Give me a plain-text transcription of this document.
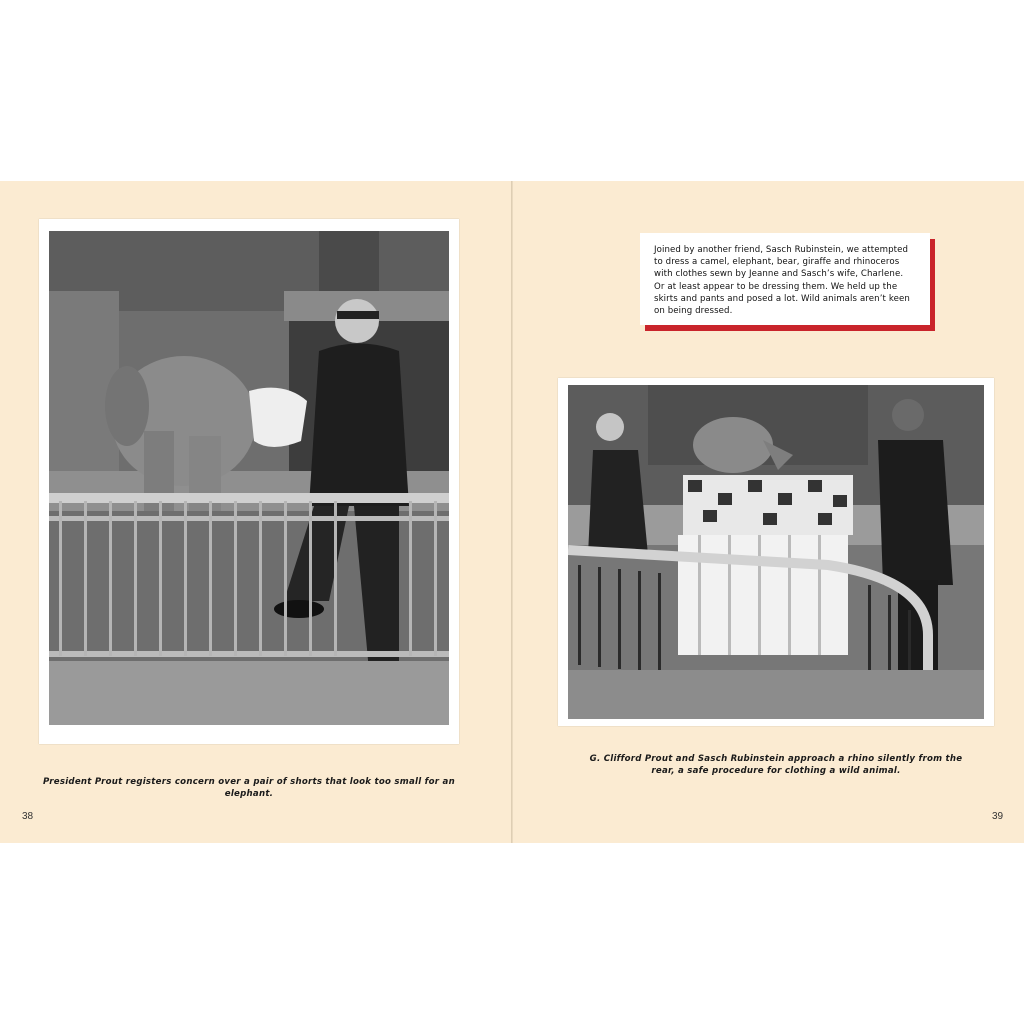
President Prout registers concern over a pair of shorts that look too small for an elephant.
38
Joined by another friend, Sasch Rubinstein, we attempted to dress a camel, elephant, bear, giraffe and rhinoceros with clothes sewn by Jeanne and Sasch’s wife, Charlene. Or at least appear to be dressing them. We held up the skirts and pants and posed a lot. Wild animals aren’t keen on being dressed.
G. Clifford Prout and Sasch Rubinstein approach a rhino silently from the
rear, a safe procedure for clothing a wild animal.
39
